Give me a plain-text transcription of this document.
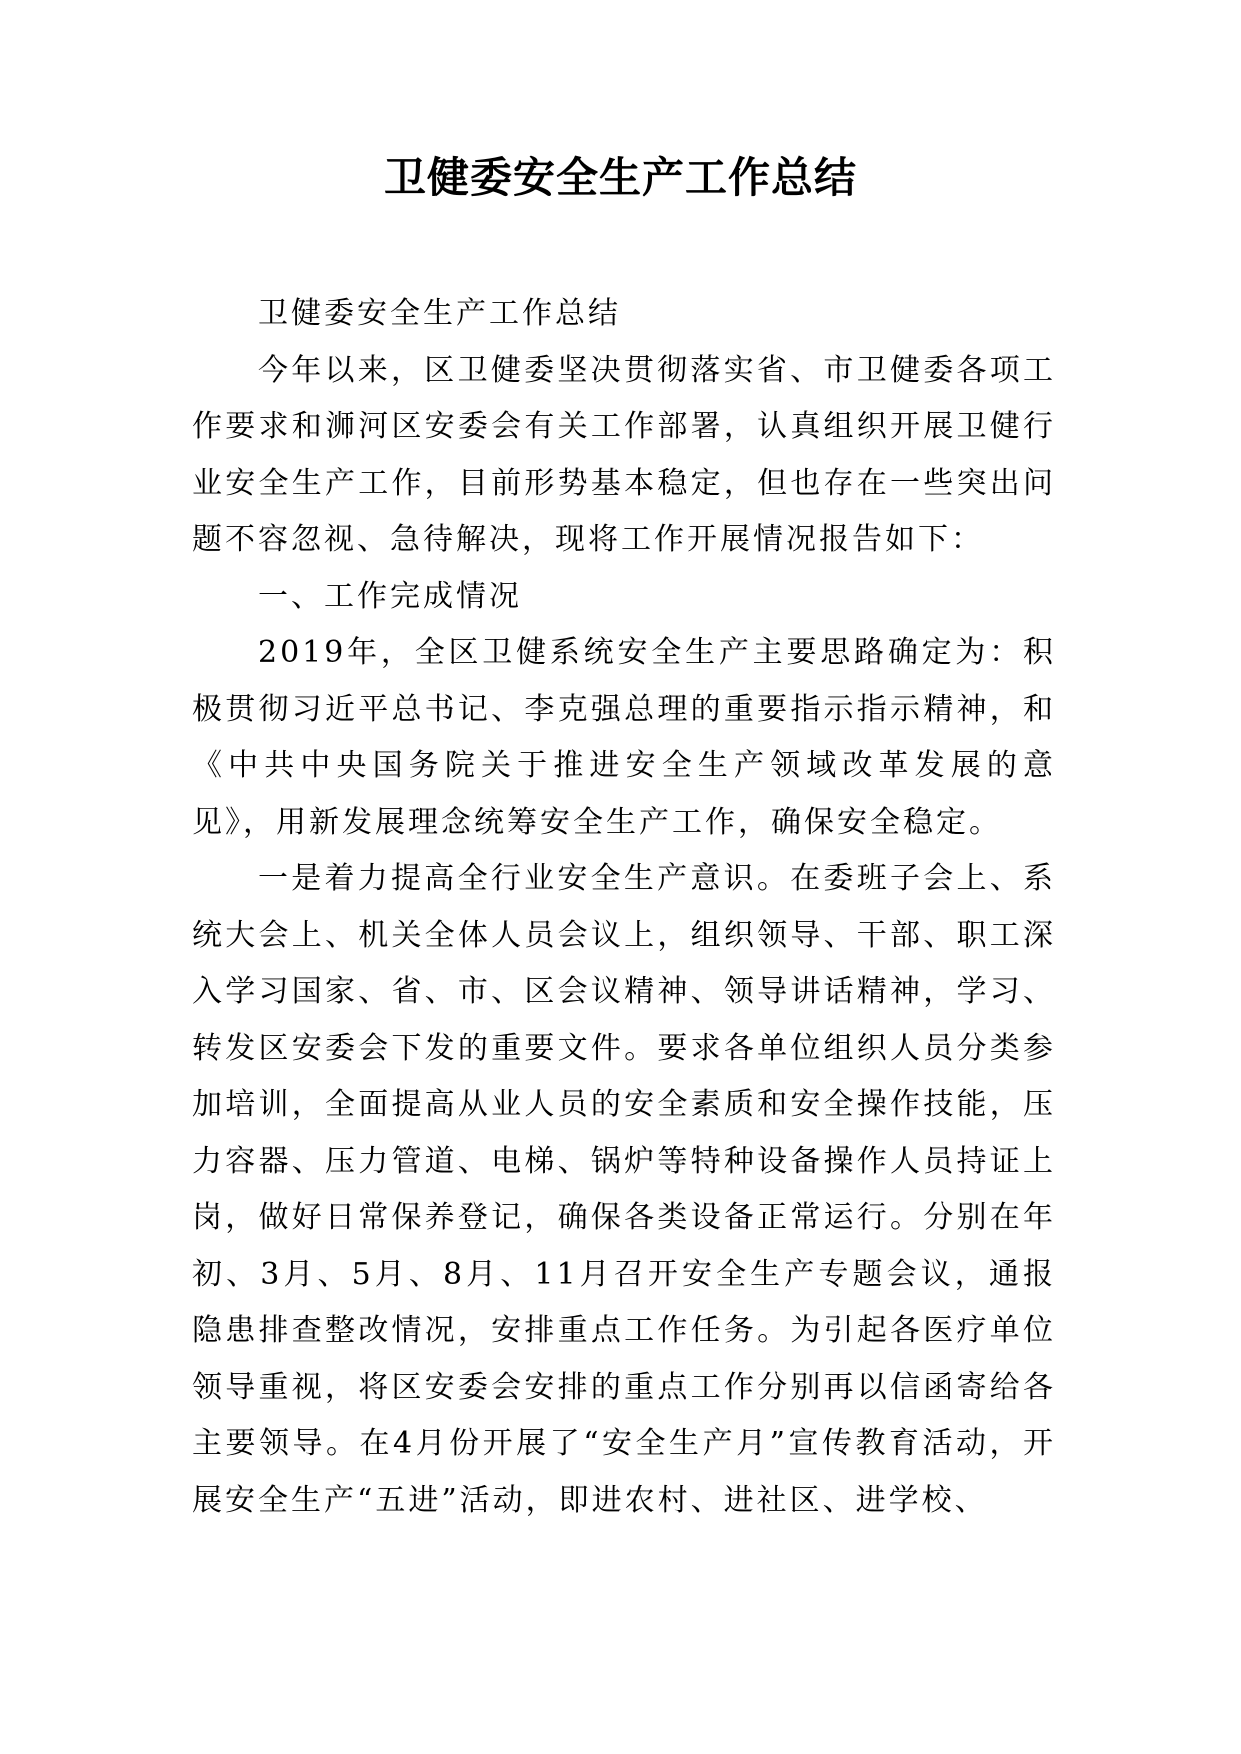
卫健委安全生产工作总结

卫健委安全生产工作总结

今年以来，区卫健委坚决贯彻落实省、市卫健委各项工作要求和浉河区安委会有关工作部署，认真组织开展卫健行业安全生产工作，目前形势基本稳定，但也存在一些突出问题不容忽视、急待解决，现将工作开展情况报告如下：

一、工作完成情况

2019年，全区卫健系统安全生产主要思路确定为：积极贯彻习近平总书记、李克强总理的重要指示指示精神，和《中共中央国务院关于推进安全生产领域改革发展的意见》，用新发展理念统筹安全生产工作，确保安全稳定。

一是着力提高全行业安全生产意识。在委班子会上、系统大会上、机关全体人员会议上，组织领导、干部、职工深入学习国家、省、市、区会议精神、领导讲话精神，学习、转发区安委会下发的重要文件。要求各单位组织人员分类参加培训，全面提高从业人员的安全素质和安全操作技能，压力容器、压力管道、电梯、锅炉等特种设备操作人员持证上岗，做好日常保养登记，确保各类设备正常运行。分别在年初、3月、5月、8月、11月召开安全生产专题会议，通报隐患排查整改情况，安排重点工作任务。为引起各医疗单位领导重视，将区安委会安排的重点工作分别再以信函寄给各主要领导。在4月份开展了“安全生产月”宣传教育活动，开展安全生产“五进”活动，即进农村、进社区、进学校、
